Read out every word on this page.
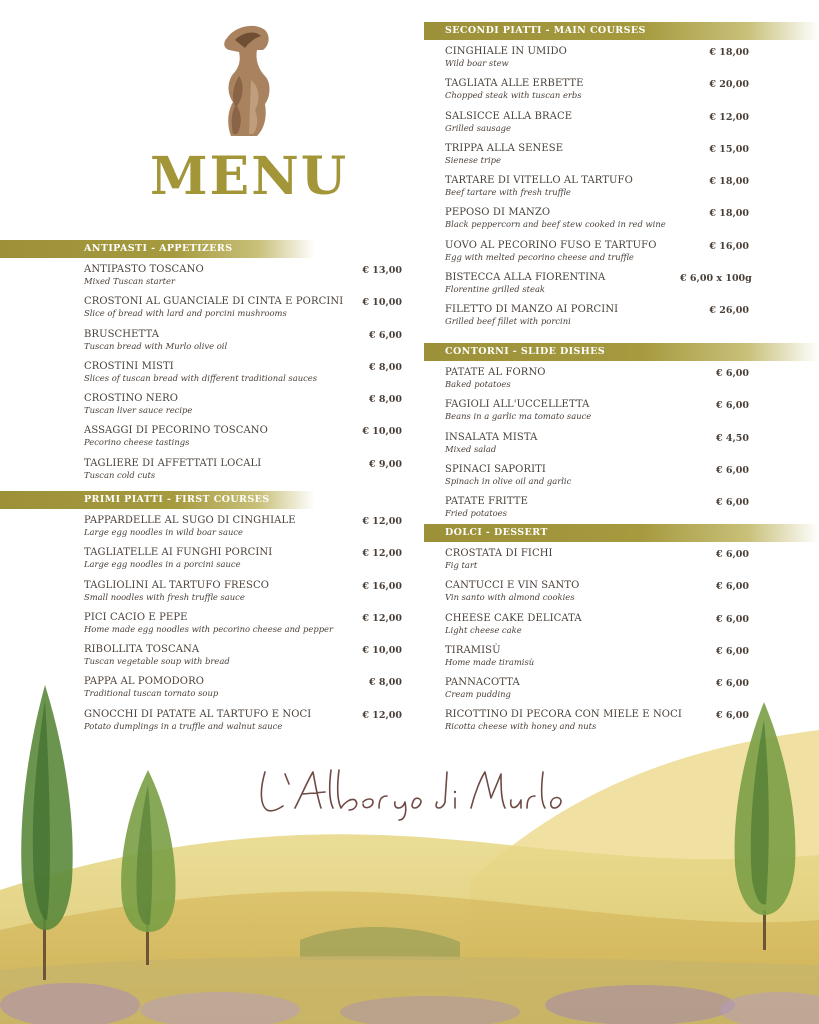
MENU
ANTIPASTI - APPETIZERS
ANTIPASTO TOSCANO
Mixed Tuscan starter
€ 13,00
CROSTONI AL GUANCIALE DI CINTA E PORCINI
Slice of bread with lard and porcini mushrooms
€ 10,00
BRUSCHETTA
Tuscan bread with Murlo olive oil
€ 6,00
CROSTINI MISTI
Slices of tuscan bread with different traditional sauces
€ 8,00
CROSTINO NERO
Tuscan liver sauce recipe
€ 8,00
ASSAGGI DI PECORINO TOSCANO
Pecorino cheese tastings
€ 10,00
TAGLIERE DI AFFETTATI LOCALI
Tuscan cold cuts
€ 9,00
PRIMI PIATTI - FIRST COURSES
PAPPARDELLE AL SUGO DI CINGHIALE
Large egg noodles in wild boar sauce
€ 12,00
TAGLIATELLE AI FUNGHI PORCINI
Large egg noodles in a porcini sauce
€ 12,00
TAGLIOLINI AL TARTUFO FRESCO
Small noodles with fresh truffle sauce
€ 16,00
PICI CACIO E PEPE
Home made egg noodles with pecorino cheese and pepper
€ 12,00
RIBOLLITA TOSCANA
Tuscan vegetable soup with bread
€ 10,00
PAPPA AL POMODORO
Traditional tuscan tornato soup
€ 8,00
GNOCCHI DI PATATE AL TARTUFO E NOCI
Potato dumplings in a truffle and walnut sauce
€ 12,00
SECONDI PIATTI - MAIN COURSES
CINGHIALE IN UMIDO
Wild boar stew
€ 18,00
TAGLIATA ALLE ERBETTE
Chopped steak with tuscan erbs
€ 20,00
SALSICCE ALLA BRACE
Grilled sausage
€ 12,00
TRIPPA ALLA SENESE
Sienese tripe
€ 15,00
TARTARE DI VITELLO AL TARTUFO
Beef tartare with fresh truffle
€ 18,00
PEPOSO DI MANZO
Black peppercorn and beef stew cooked in red wine
€ 18,00
UOVO AL PECORINO FUSO E TARTUFO
Egg with melted pecorino cheese and truffle
€ 16,00
BISTECCA ALLA FIORENTINA
Florentine grilled steak
€ 6,00 x 100g
FILETTO DI MANZO AI PORCINI
Grilled beef fillet with porcini
€ 26,00
CONTORNI - SLIDE DISHES
PATATE AL FORNO
Baked potatoes
€ 6,00
FAGIOLI ALL'UCCELLETTA
Beans in a garlic ma tomato sauce
€ 6,00
INSALATA MISTA
Mixed salad
€ 4,50
SPINACI SAPORITI
Spinach in olive oil and garlic
€ 6,00
PATATE FRITTE
Fried potatoes
€ 6,00
DOLCI - DESSERT
CROSTATA DI FICHI
Fig tart
€ 6,00
CANTUCCI E VIN SANTO
Vin santo with almond cookies
€ 6,00
CHEESE CAKE DELICATA
Light cheese cake
€ 6,00
TIRAMISÙ
Home made tiramisù
€ 6,00
PANNACOTTA
Cream pudding
€ 6,00
RICOTTINO DI PECORA CON MIELE E NOCI
Ricotta cheese with honey and nuts
€ 6,00
